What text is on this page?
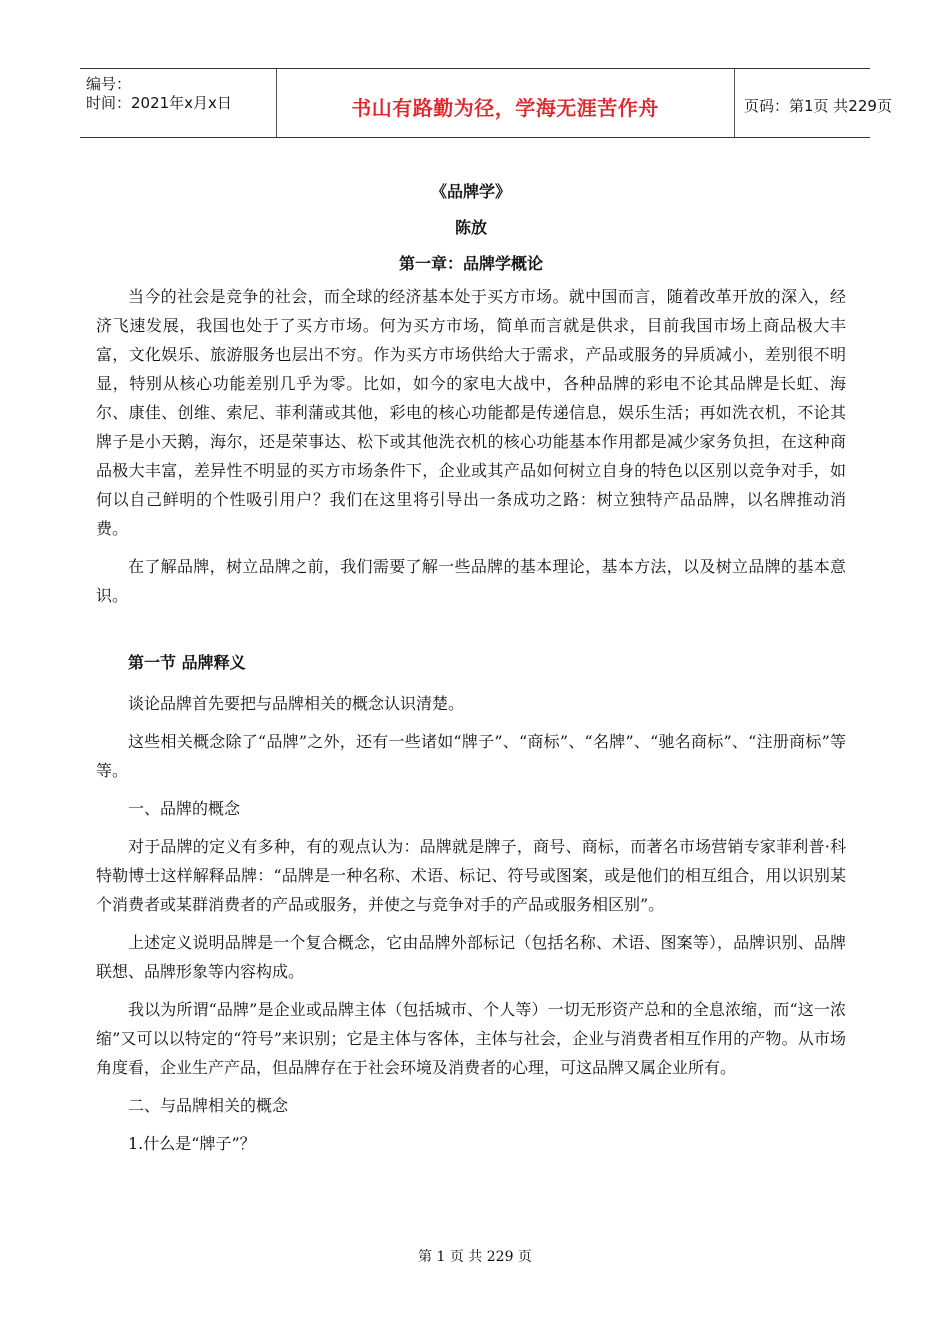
编号：
时间：2021年x月x日	书山有路勤为径，学海无涯苦作舟	页码：第1页 共229页
《品牌学》
陈放
第一章：品牌学概论

当今的社会是竞争的社会，而全球的经济基本处于买方市场。就中国而言，随着改革开放的深入，经济飞速发展，我国也处于了买方市场。何为买方市场，简单而言就是供求，目前我国市场上商品极大丰富，文化娱乐、旅游服务也层出不穷。作为买方市场供给大于需求，产品或服务的异质减小，差别很不明显，特别从核心功能差别几乎为零。比如，如今的家电大战中，各种品牌的彩电不论其品牌是长虹、海尔、康佳、创维、索尼、菲利蒲或其他，彩电的核心功能都是传递信息，娱乐生活；再如洗衣机，不论其牌子是小天鹅，海尔，还是荣事达、松下或其他洗衣机的核心功能基本作用都是减少家务负担，在这种商品极大丰富，差异性不明显的买方市场条件下，企业或其产品如何树立自身的特色以区别以竞争对手，如何以自己鲜明的个性吸引用户？我们在这里将引导出一条成功之路：树立独特产品品牌，以名牌推动消费。

在了解品牌，树立品牌之前，我们需要了解一些品牌的基本理论，基本方法，以及树立品牌的基本意识。

第一节 品牌释义

谈论品牌首先要把与品牌相关的概念认识清楚。

这些相关概念除了“品牌”之外，还有一些诸如“牌子”、“商标”、“名牌”、“驰名商标”、“注册商标”等等。

一、品牌的概念

对于品牌的定义有多种，有的观点认为：品牌就是牌子，商号、商标，而著名市场营销专家菲利普·科特勒博士这样解释品牌：“品牌是一种名称、术语、标记、符号或图案，或是他们的相互组合，用以识别某个消费者或某群消费者的产品或服务，并使之与竞争对手的产品或服务相区别”。

上述定义说明品牌是一个复合概念，它由品牌外部标记（包括名称、术语、图案等），品牌识别、品牌联想、品牌形象等内容构成。

我以为所谓“品牌”是企业或品牌主体（包括城市、个人等）一切无形资产总和的全息浓缩，而“这一浓缩”又可以以特定的“符号”来识别；它是主体与客体，主体与社会，企业与消费者相互作用的产物。从市场角度看，企业生产产品，但品牌存在于社会环境及消费者的心理，可这品牌又属企业所有。

二、与品牌相关的概念

1.什么是“牌子”？

第 1 页 共 229 页
